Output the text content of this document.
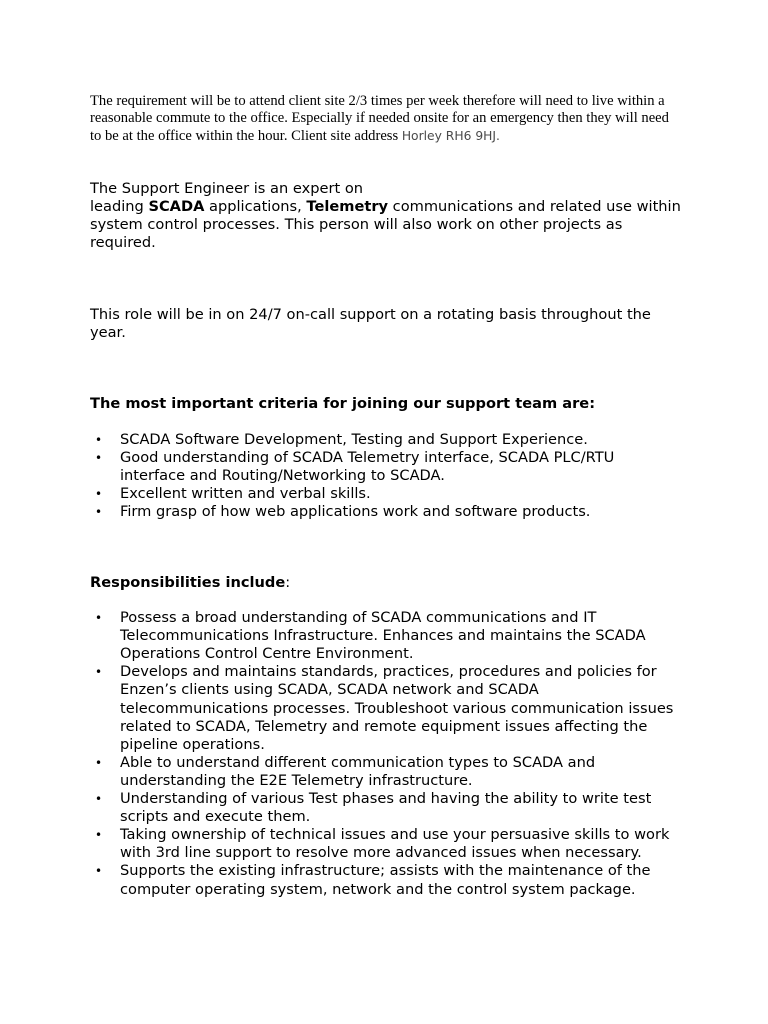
The requirement will be to attend client site 2/3 times per week therefore will need to live within a reasonable commute to the office. Especially if needed onsite for an emergency then they will need to be at the office within the hour. Client site address Horley RH6 9HJ.

The Support Engineer is an expert on
leading SCADA applications, Telemetry communications and related use within system control processes. This person will also work on other projects as required.

This role will be in on 24/7 on-call support on a rotating basis throughout the year.

The most important criteria for joining our support team are:

• SCADA Software Development, Testing and Support Experience.
• Good understanding of SCADA Telemetry interface, SCADA PLC/RTU interface and Routing/Networking to SCADA.
• Excellent written and verbal skills.
• Firm grasp of how web applications work and software products.

Responsibilities include:

• Possess a broad understanding of SCADA communications and IT Telecommunications Infrastructure. Enhances and maintains the SCADA Operations Control Centre Environment.
• Develops and maintains standards, practices, procedures and policies for Enzen’s clients using SCADA, SCADA network and SCADA telecommunications processes. Troubleshoot various communication issues related to SCADA, Telemetry and remote equipment issues affecting the pipeline operations.
• Able to understand different communication types to SCADA and understanding the E2E Telemetry infrastructure.
• Understanding of various Test phases and having the ability to write test scripts and execute them.
• Taking ownership of technical issues and use your persuasive skills to work with 3rd line support to resolve more advanced issues when necessary.
• Supports the existing infrastructure; assists with the maintenance of the computer operating system, network and the control system package.
